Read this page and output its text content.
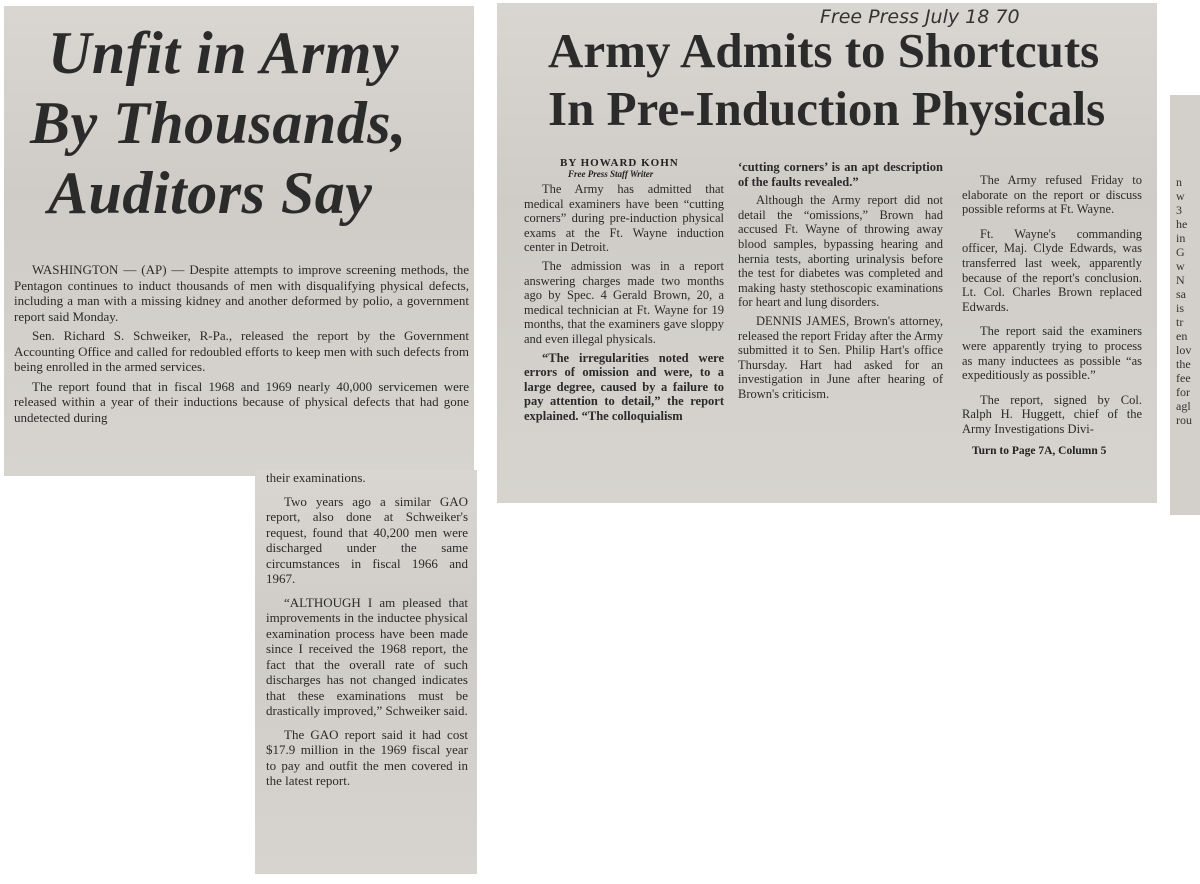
Unfit in Army
By Thousands,
Auditors Say

WASHINGTON — (AP) — Despite attempts to improve screening methods, the Pentagon continues to induct thousands of men with disqualifying physical defects, including a man with a missing kidney and another deformed by polio, a government report said Monday.

Sen. Richard S. Schweiker, R-Pa., released the report by the Government Accounting Office and called for redoubled efforts to keep men with such defects from being enrolled in the armed services.

The report found that in fiscal 1968 and 1969 nearly 40,000 servicemen were released within a year of their inductions because of physical defects that had gone undetected during

their examinations.

Two years ago a similar GAO report, also done at Schweiker's request, found that 40,200 men were discharged under the same circumstances in fiscal 1966 and 1967.

“ALTHOUGH I am pleased that improvements in the inductee physical examination process have been made since I received the 1968 report, the fact that the overall rate of such discharges has not changed indicates that these examinations must be drastically improved,” Schweiker said.

The GAO report said it had cost $17.9 million in the 1969 fiscal year to pay and outfit the men covered in the latest report.

Free Press July 18 70
Army Admits to Shortcuts
In Pre-Induction Physicals
BY HOWARD KOHN
Free Press Staff Writer

The Army has admitted that medical examiners have been “cutting corners” during pre-induction physical exams at the Ft. Wayne induction center in Detroit.

The admission was in a report answering charges made two months ago by Spec. 4 Gerald Brown, 20, a medical technician at Ft. Wayne for 19 months, that the examiners gave sloppy and even illegal physicals.

“The irregularities noted were errors of omission and were, to a large degree, caused by a failure to pay attention to detail,” the report explained. “The colloquialism

‘cutting corners’ is an apt description of the faults revealed.”

Although the Army report did not detail the “omissions,” Brown had accused Ft. Wayne of throwing away blood samples, bypassing hearing and hernia tests, aborting urinalysis before the test for diabetes was completed and making hasty stethoscopic examinations for heart and lung disorders.

DENNIS JAMES, Brown's attorney, released the report Friday after the Army submitted it to Sen. Philip Hart's office Thursday. Hart had asked for an investigation in June after hearing of Brown's criticism.

The Army refused Friday to elaborate on the report or discuss possible reforms at Ft. Wayne.

Ft. Wayne's commanding officer, Maj. Clyde Edwards, was transferred last week, apparently because of the report's conclusion. Lt. Col. Charles Brown replaced Edwards.

The report said the examiners were apparently trying to process as many inductees as possible “as expeditiously as possible.”

The report, signed by Col. Ralph H. Huggett, chief of the Army Investigations Divi-

Turn to Page 7A, Column 5
n
w
3
he
in
G
w
N
sa
is
tr
en
lov
the
fee
for
agl
rou
